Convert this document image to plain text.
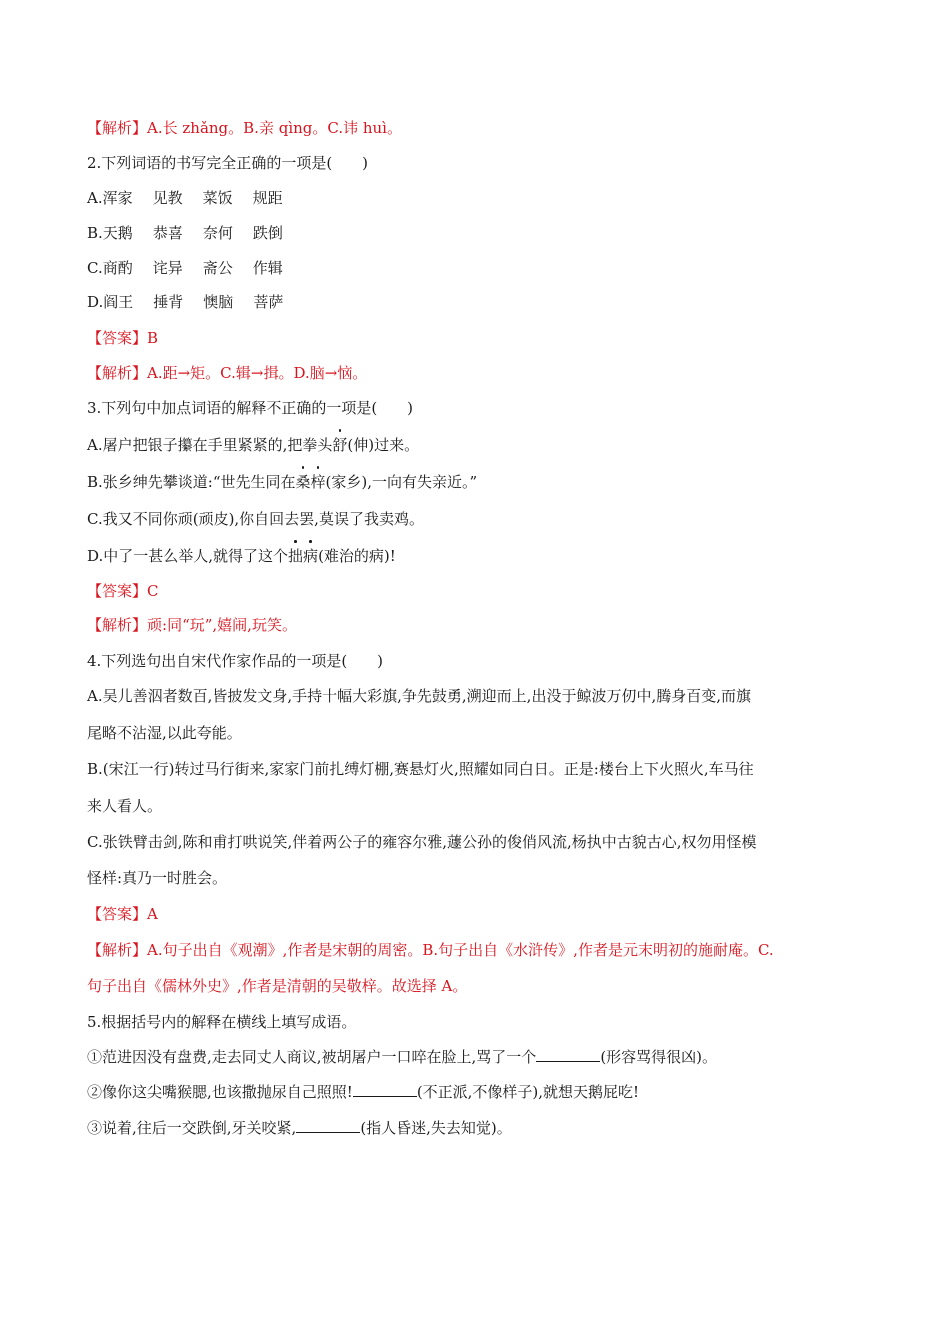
【解析】A.长 zhǎng。B.亲 qìng。C.讳 huì。
2.下列词语的书写完全正确的一项是(　　)
A.浑家 见教 菜饭 规距
B.天鹅 恭喜 奈何 跌倒
C.商酌 诧异 斋公 作辑
D.阎王 捶背 懊脑 菩萨
【答案】B
【解析】A.距→矩。C.辑→揖。D.脑→恼。
3.下列句中加点词语的解释不正确的一项是(　　)
A.屠户把银子攥在手里紧紧的,把拳头舒(伸)过来。
B.张乡绅先攀谈道:“世先生同在桑梓(家乡),一向有失亲近。”
C.我又不同你顽(顽皮),你自回去罢,莫误了我卖鸡。
D.中了一甚么举人,就得了这个拙病(难治的病)!
【答案】C
【解析】顽:同“玩”,嬉闹,玩笑。
4.下列选句出自宋代作家作品的一项是(　　)
A.吴儿善泅者数百,皆披发文身,手持十幅大彩旗,争先鼓勇,溯迎而上,出没于鲸波万仞中,腾身百变,而旗
尾略不沾湿,以此夸能。
B.(宋江一行)转过马行街来,家家门前扎缚灯棚,赛悬灯火,照耀如同白日。正是:楼台上下火照火,车马往
来人看人。
C.张铁臂击剑,陈和甫打哄说笑,伴着两公子的雍容尔雅,蘧公孙的俊俏风流,杨执中古貌古心,权勿用怪模
怪样:真乃一时胜会。
【答案】A
【解析】A.句子出自《观潮》,作者是宋朝的周密。B.句子出自《水浒传》,作者是元末明初的施耐庵。C.
句子出自《儒林外史》,作者是清朝的吴敬梓。故选择 A。
5.根据括号内的解释在横线上填写成语。
①范进因没有盘费,走去同丈人商议,被胡屠户一口啐在脸上,骂了一个	(形容骂得很凶)。
②像你这尖嘴猴腮,也该撒抛尿自己照照!	(不正派,不像样子),就想天鹅屁吃!
③说着,往后一交跌倒,牙关咬紧,	(指人昏迷,失去知觉)。
